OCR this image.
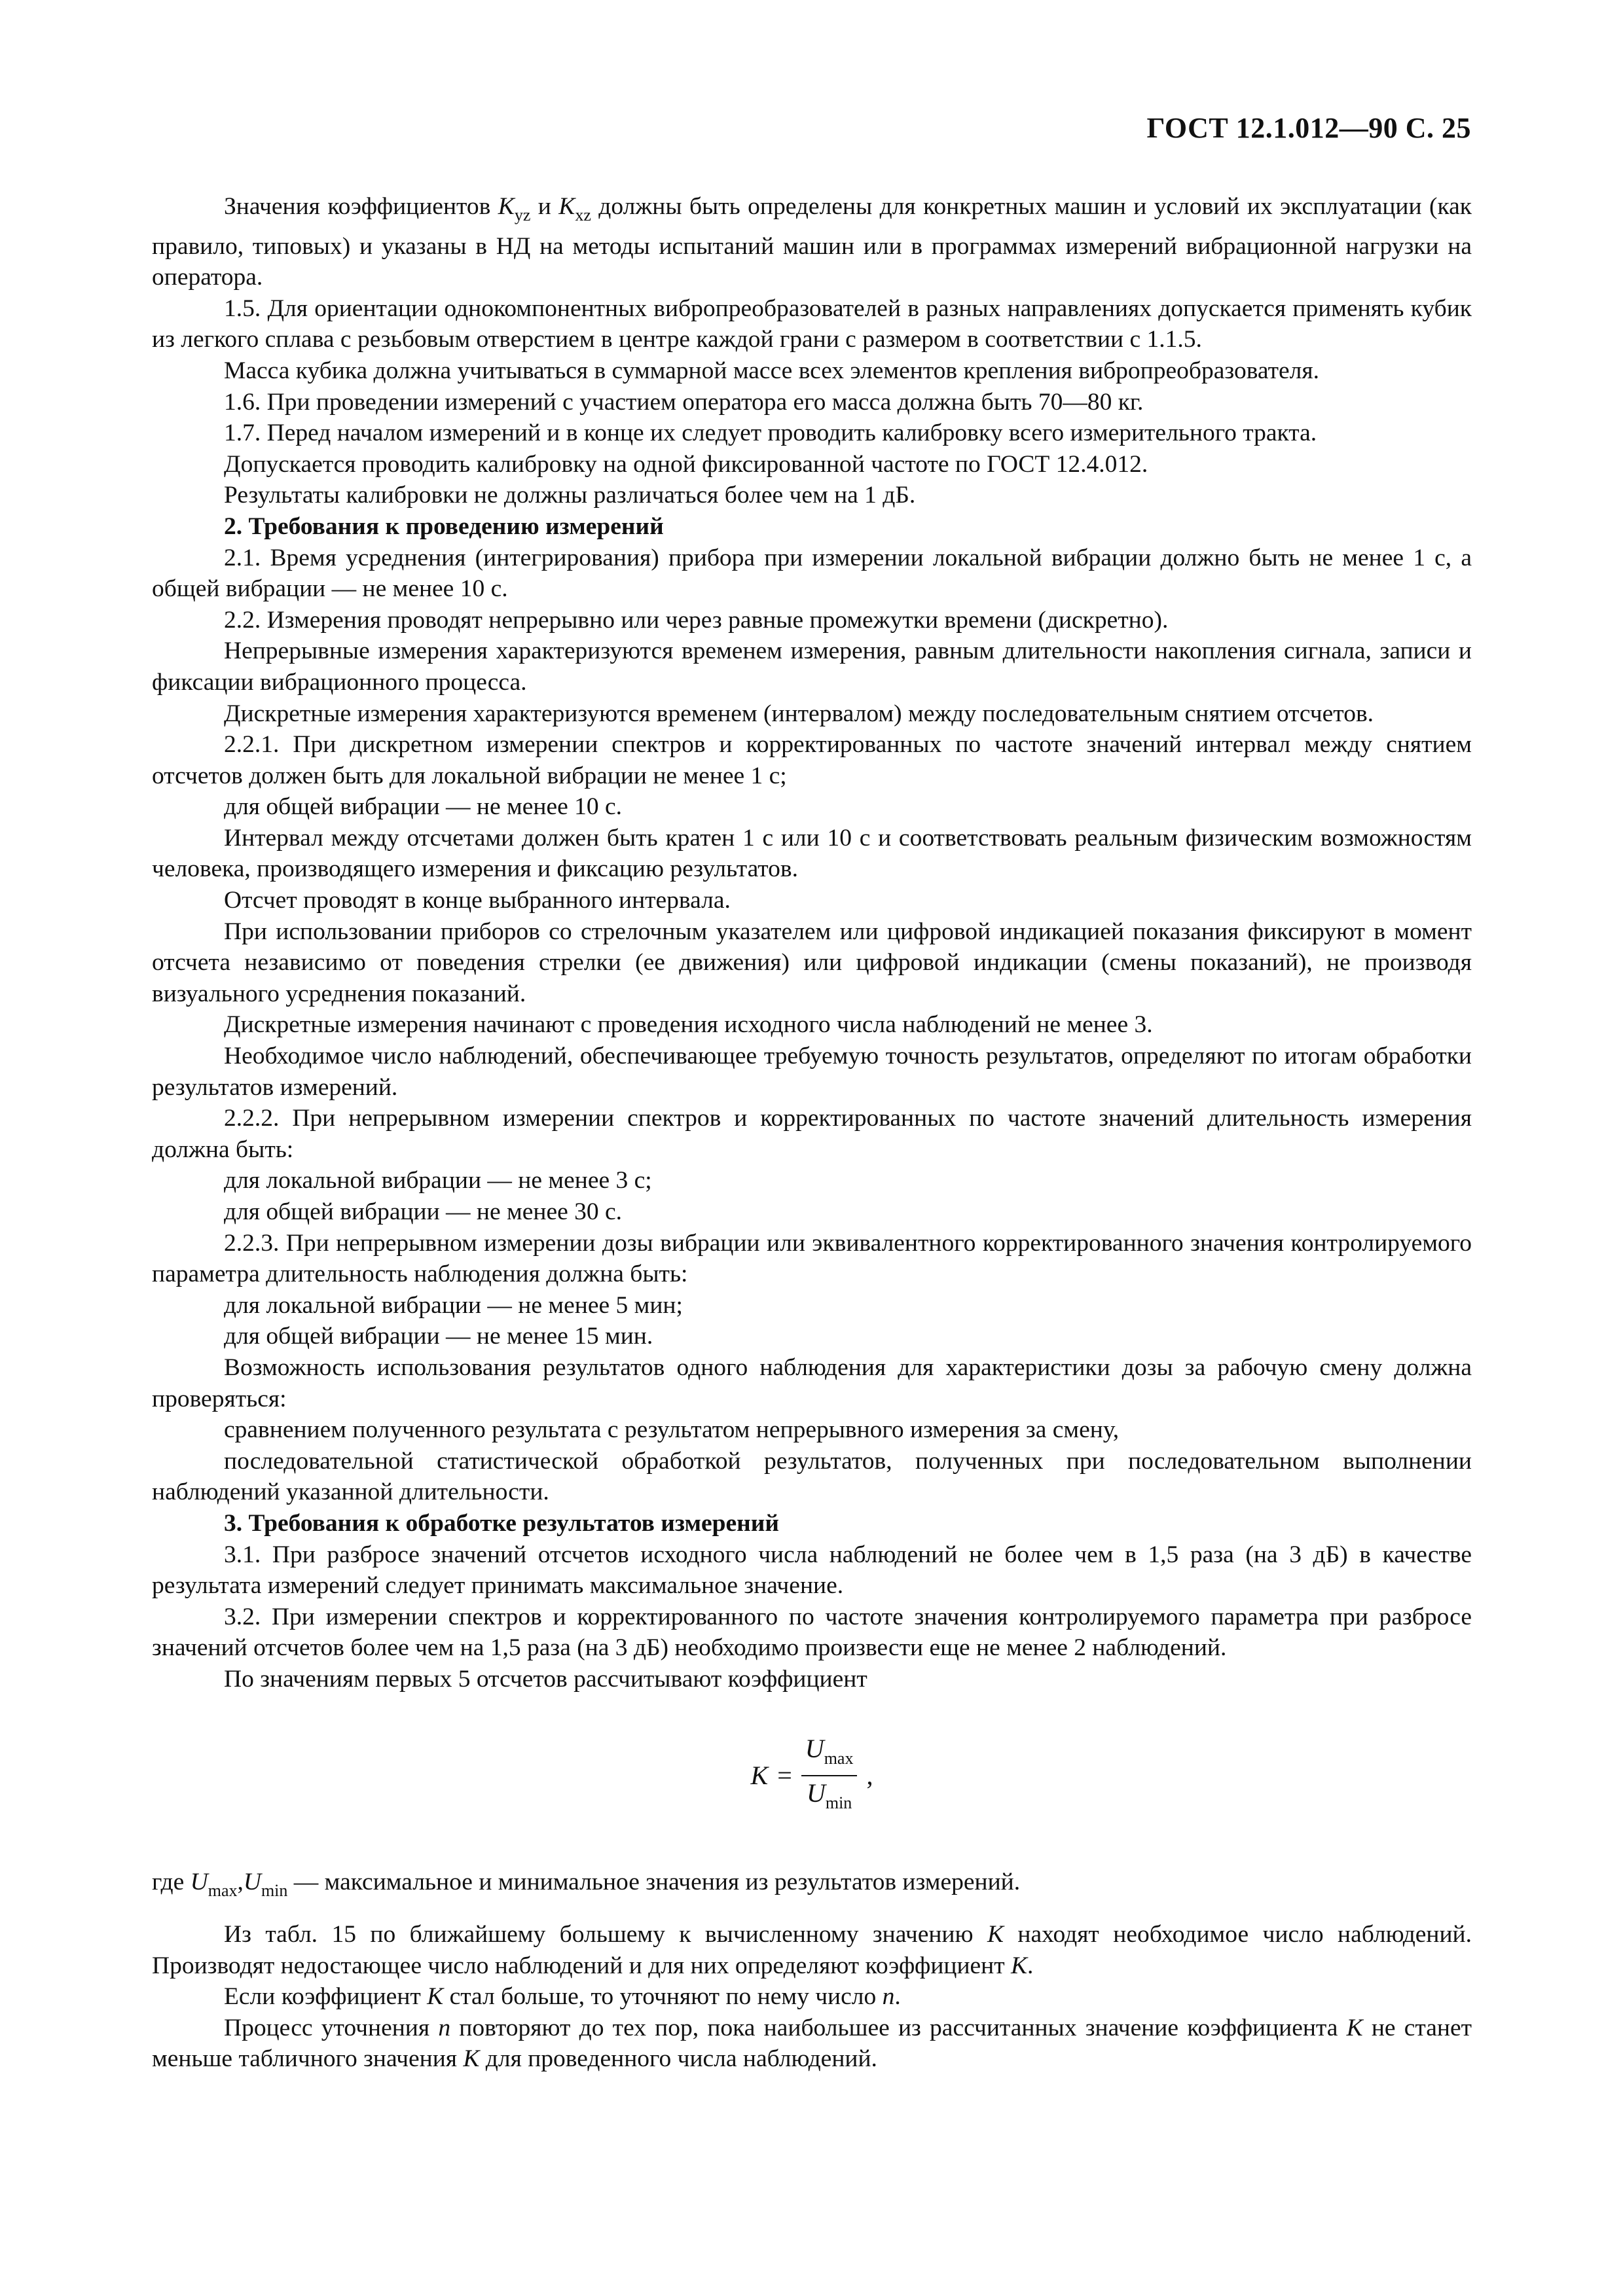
ГОСТ 12.1.012—90 С. 25

Значения коэффициентов $K_{yz}$ и $K_{xz}$ должны быть определены для конкретных машин и условий их эксплуатации (как правило, типовых) и указаны в НД на методы испытаний машин или в программах измерений вибрационной нагрузки на оператора.

1.5. Для ориентации однокомпонентных вибропреобразователей в разных направлениях допускается применять кубик из легкого сплава с резьбовым отверстием в центре каждой грани с размером в соответствии с 1.1.5.

Масса кубика должна учитываться в суммарной массе всех элементов крепления вибропреобразователя.

1.6. При проведении измерений с участием оператора его масса должна быть 70—80 кг.

1.7. Перед началом измерений и в конце их следует проводить калибровку всего измерительного тракта.

Допускается проводить калибровку на одной фиксированной частоте по ГОСТ 12.4.012.

Результаты калибровки не должны различаться более чем на 1 дБ.

2. Требования к проведению измерений

2.1. Время усреднения (интегрирования) прибора при измерении локальной вибрации должно быть не менее 1 с, а общей вибрации — не менее 10 с.

2.2. Измерения проводят непрерывно или через равные промежутки времени (дискретно).

Непрерывные измерения характеризуются временем измерения, равным длительности накопления сигнала, записи и фиксации вибрационного процесса.

Дискретные измерения характеризуются временем (интервалом) между последовательным снятием отсчетов.

2.2.1. При дискретном измерении спектров и корректированных по частоте значений интервал между снятием отсчетов должен быть для локальной вибрации не менее 1 с;

для общей вибрации — не менее 10 с.

Интервал между отсчетами должен быть кратен 1 с или 10 с и соответствовать реальным физическим возможностям человека, производящего измерения и фиксацию результатов.

Отсчет проводят в конце выбранного интервала.

При использовании приборов со стрелочным указателем или цифровой индикацией показания фиксируют в момент отсчета независимо от поведения стрелки (ее движения) или цифровой индикации (смены показаний), не производя визуального усреднения показаний.

Дискретные измерения начинают с проведения исходного числа наблюдений не менее 3.

Необходимое число наблюдений, обеспечивающее требуемую точность результатов, определяют по итогам обработки результатов измерений.

2.2.2. При непрерывном измерении спектров и корректированных по частоте значений длительность измерения должна быть:

для локальной вибрации — не менее 3 с;

для общей вибрации — не менее 30 с.

2.2.3. При непрерывном измерении дозы вибрации или эквивалентного корректированного значения контролируемого параметра длительность наблюдения должна быть:

для локальной вибрации — не менее 5 мин;

для общей вибрации — не менее 15 мин.

Возможность использования результатов одного наблюдения для характеристики дозы за рабочую смену должна проверяться:

сравнением полученного результата с результатом непрерывного измерения за смену,

последовательной статистической обработкой результатов, полученных при последовательном выполнении наблюдений указанной длительности.

3. Требования к обработке результатов измерений

3.1. При разбросе значений отсчетов исходного числа наблюдений не более чем в 1,5 раза (на 3 дБ) в качестве результата измерений следует принимать максимальное значение.

3.2. При измерении спектров и корректированного по частоте значения контролируемого параметра при разбросе значений отсчетов более чем на 1,5 раза (на 3 дБ) необходимо произвести еще не менее 2 наблюдений.

По значениям первых 5 отсчетов рассчитывают коэффициент

$K = \frac{U_{max}}{U_{min}}$ ,

где $U_{max},U_{min}$ — максимальное и минимальное значения из результатов измерений.

Из табл. 15 по ближайшему большему к вычисленному значению K находят необходимое число наблюдений. Производят недостающее число наблюдений и для них определяют коэффициент K.

Если коэффициент K стал больше, то уточняют по нему число n.

Процесс уточнения n повторяют до тех пор, пока наибольшее из рассчитанных значение коэффициента K не станет меньше табличного значения K для проведенного числа наблюдений.
